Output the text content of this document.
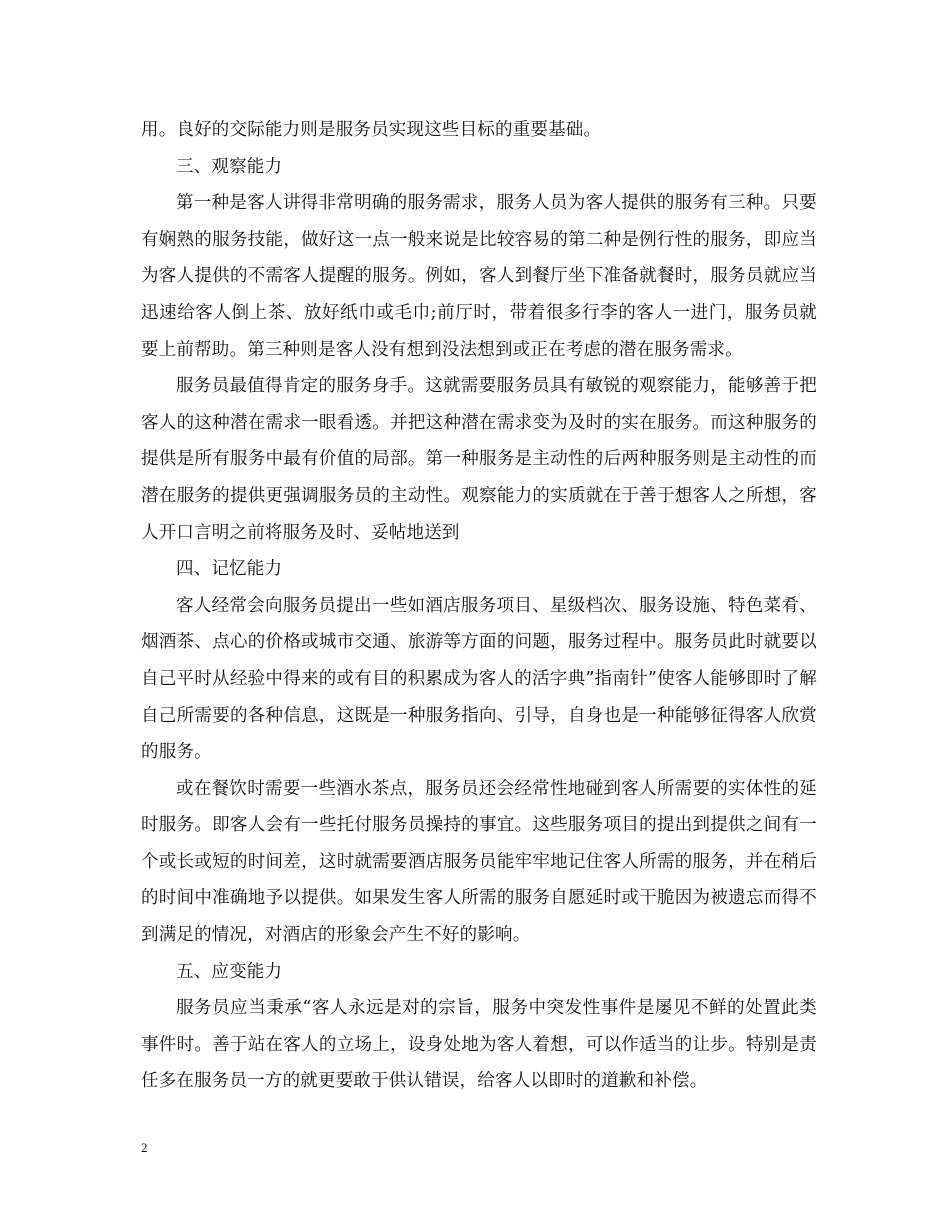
用。良好的交际能力则是服务员实现这些目标的重要基础。

三、观察能力

第一种是客人讲得非常明确的服务需求，服务人员为客人提供的服务有三种。只要有娴熟的服务技能，做好这一点一般来说是比较容易的第二种是例行性的服务，即应当为客人提供的不需客人提醒的服务。例如，客人到餐厅坐下准备就餐时，服务员就应当迅速给客人倒上茶、放好纸巾或毛巾;前厅时，带着很多行李的客人一进门，服务员就要上前帮助。第三种则是客人没有想到没法想到或正在考虑的潜在服务需求。

服务员最值得肯定的服务身手。这就需要服务员具有敏锐的观察能力，能够善于把客人的这种潜在需求一眼看透。并把这种潜在需求变为及时的实在服务。而这种服务的提供是所有服务中最有价值的局部。第一种服务是主动性的后两种服务则是主动性的而潜在服务的提供更强调服务员的主动性。观察能力的实质就在于善于想客人之所想，客人开口言明之前将服务及时、妥帖地送到

四、记忆能力

客人经常会向服务员提出一些如酒店服务项目、星级档次、服务设施、特色菜肴、烟酒茶、点心的价格或城市交通、旅游等方面的问题，服务过程中。服务员此时就要以自己平时从经验中得来的或有目的积累成为客人的活字典”指南针”使客人能够即时了解自己所需要的各种信息，这既是一种服务指向、引导，自身也是一种能够征得客人欣赏的服务。

或在餐饮时需要一些酒水茶点，服务员还会经常性地碰到客人所需要的实体性的延时服务。即客人会有一些托付服务员操持的事宜。这些服务项目的提出到提供之间有一个或长或短的时间差，这时就需要酒店服务员能牢牢地记住客人所需的服务，并在稍后的时间中准确地予以提供。如果发生客人所需的服务自愿延时或干脆因为被遗忘而得不到满足的情况，对酒店的形象会产生不好的影响。

五、应变能力

服务员应当秉承“客人永远是对的宗旨，服务中突发性事件是屡见不鲜的处置此类事件时。善于站在客人的立场上，设身处地为客人着想，可以作适当的让步。特别是责任多在服务员一方的就更要敢于供认错误，给客人以即时的道歉和补偿。

2
